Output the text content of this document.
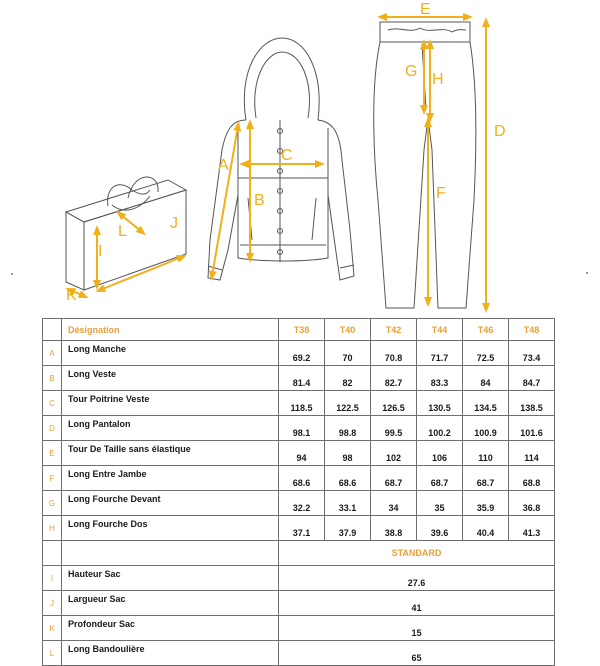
I
J
K
L
A
B
C
E
D
G H
F
	Désignation	T38	T40	T42	T44	T46	T48
A	Long Manche	69.2	70	70.8	71.7	72.5	73.4
B	Long Veste	81.4	82	82.7	83.3	84	84.7
C	Tour Poitrine Veste	118.5	122.5	126.5	130.5	134.5	138.5
D	Long Pantalon	98.1	98.8	99.5	100.2	100.9	101.6
E	Tour De Taille sans élastique	94	98	102	106	110	114
F	Long Entre Jambe	68.6	68.6	68.7	68.7	68.7	68.8
G	Long Fourche Devant	32.2	33.1	34	35	35.9	36.8
H	Long Fourche Dos	37.1	37.9	38.8	39.6	40.4	41.3
		STANDARD					
I	Hauteur Sac	27.6					
J	Largueur Sac	41					
K	Profondeur Sac	15					
L	Long Bandoulière	65					
